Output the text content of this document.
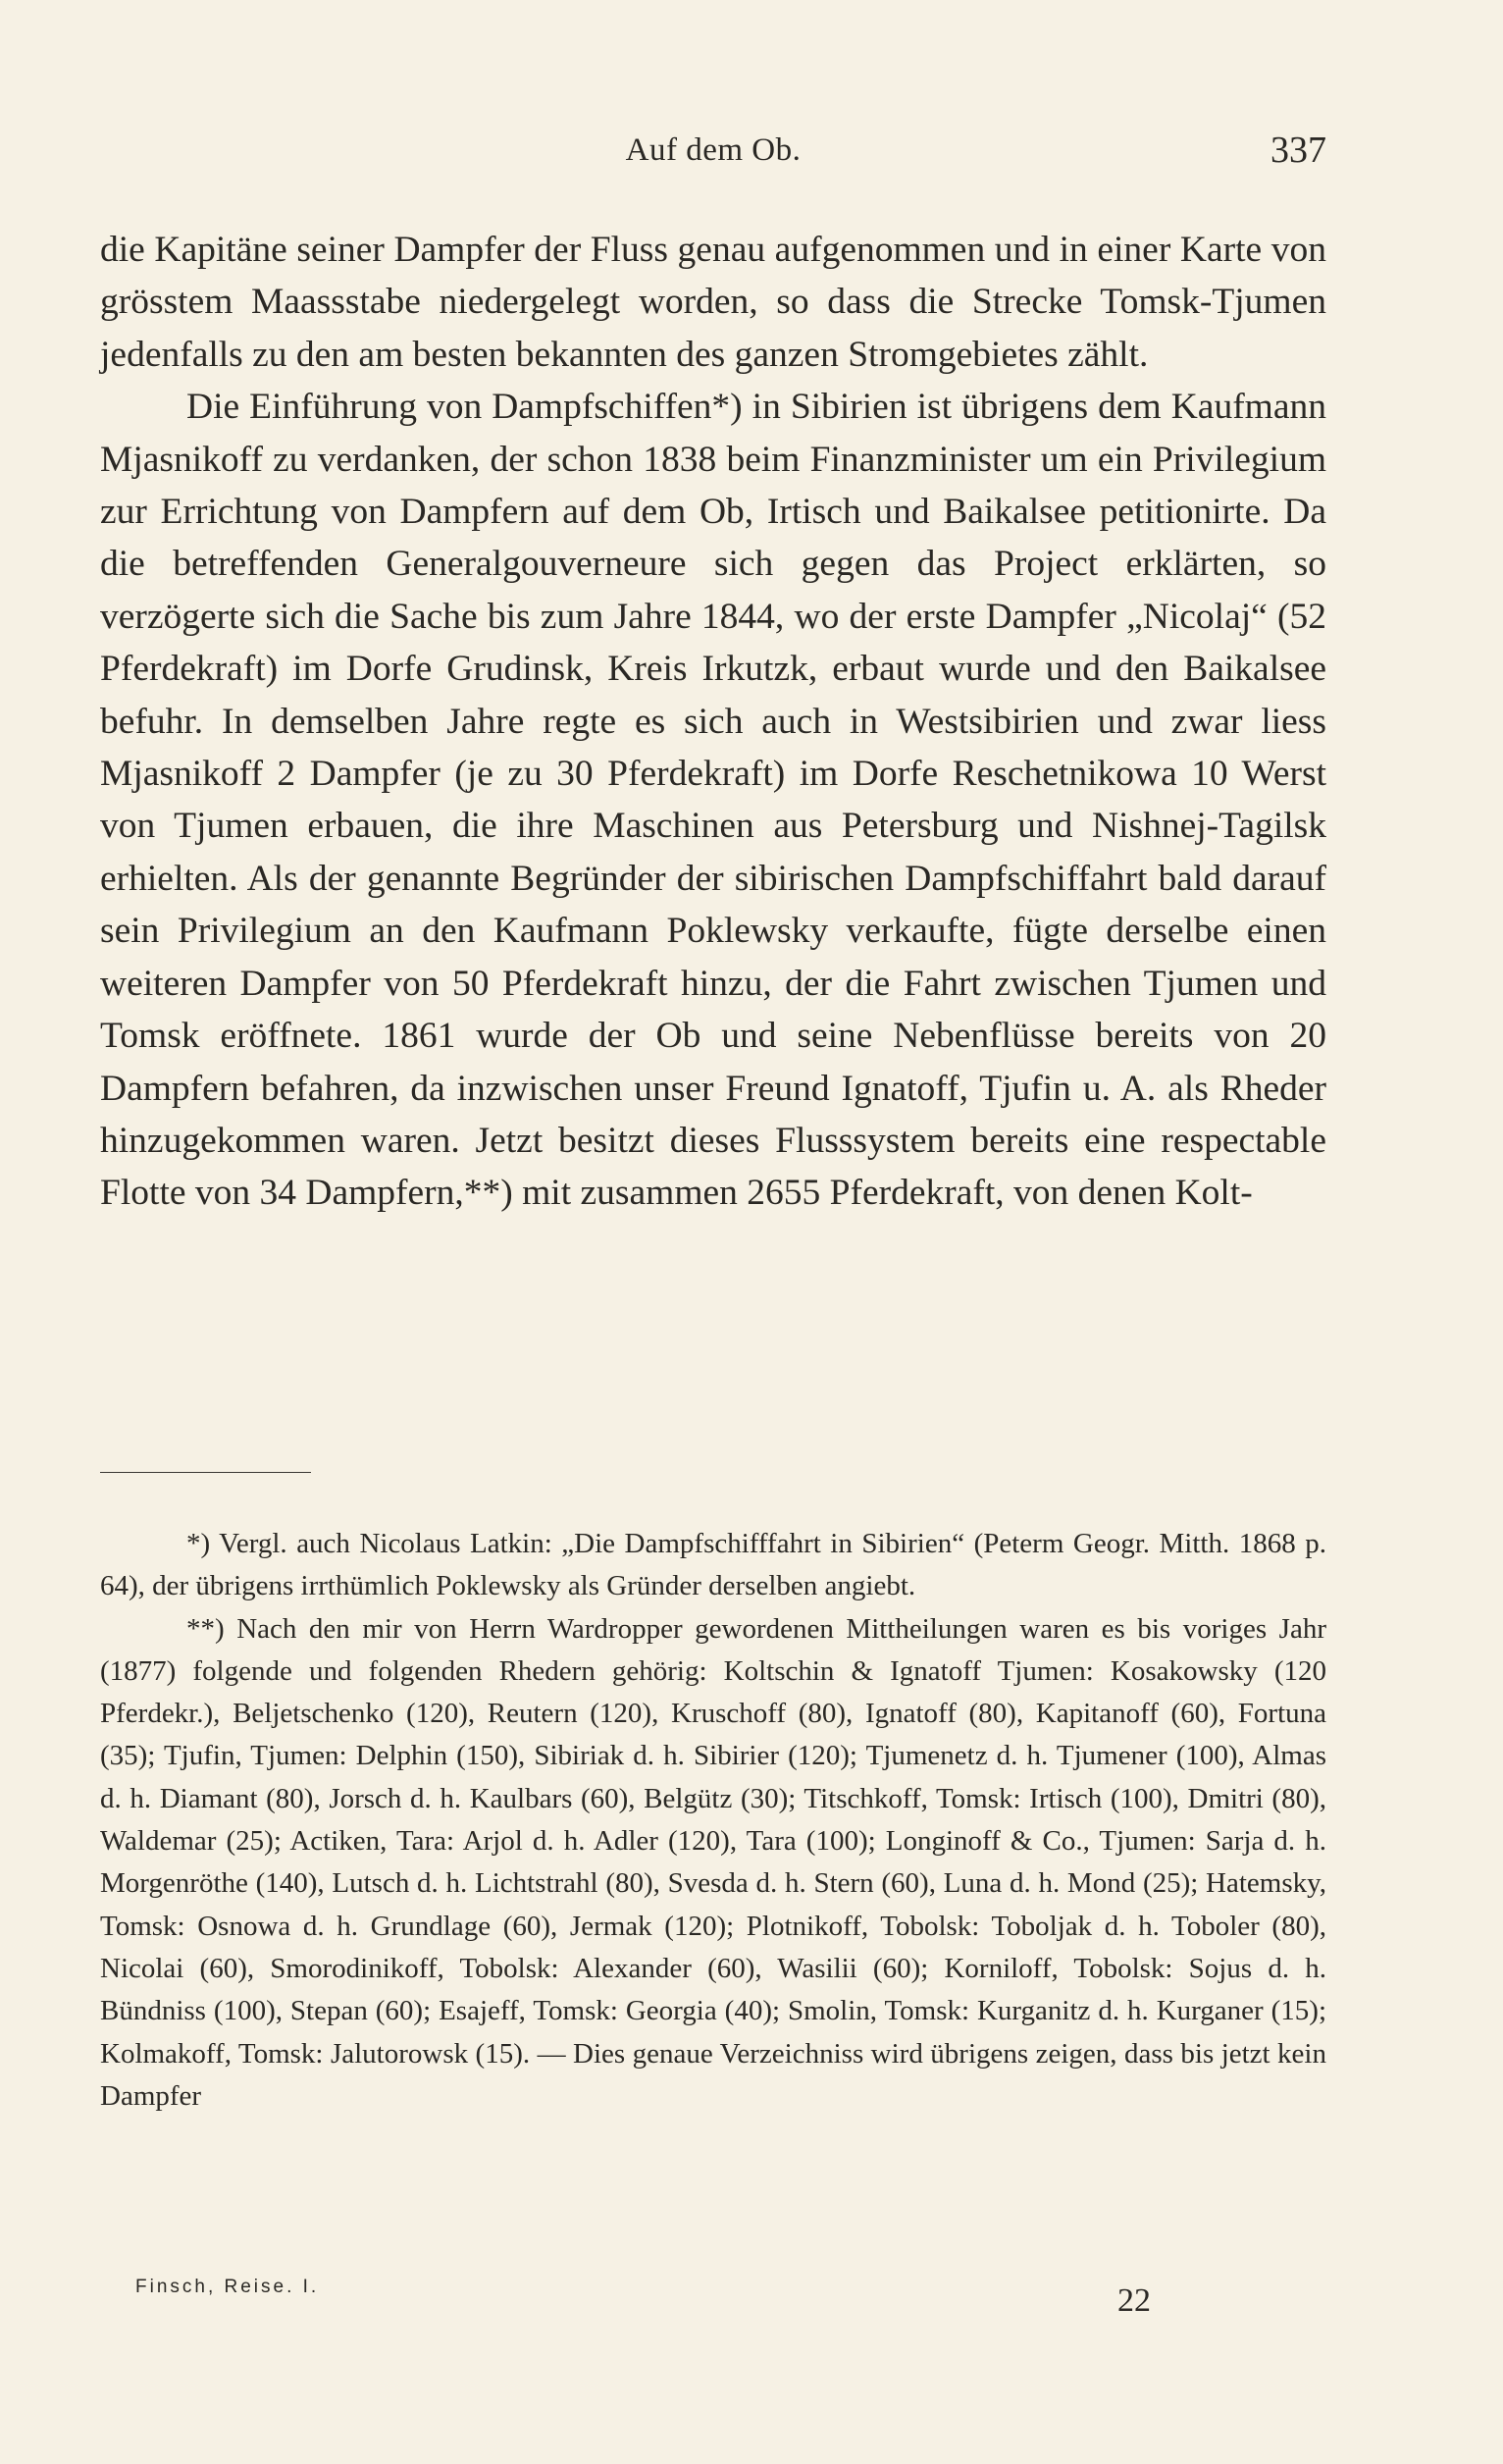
Auf dem Ob.	337

die Kapitäne seiner Dampfer der Fluss genau aufgenommen und in einer Karte von grösstem Maassstabe niedergelegt worden, so dass die Strecke Tomsk-Tjumen jedenfalls zu den am besten bekannten des ganzen Stromgebietes zählt.

Die Einführung von Dampfschiffen*) in Sibirien ist übrigens dem Kaufmann Mjasnikoff zu verdanken, der schon 1838 beim Finanzminister um ein Privilegium zur Errichtung von Dampfern auf dem Ob, Irtisch und Baikalsee petitionirte. Da die betreffenden Generalgouverneure sich gegen das Project erklärten, so verzögerte sich die Sache bis zum Jahre 1844, wo der erste Dampfer „Nicolaj“ (52 Pferdekraft) im Dorfe Grudinsk, Kreis Irkutzk, erbaut wurde und den Baikalsee befuhr. In demselben Jahre regte es sich auch in Westsibirien und zwar liess Mjasnikoff 2 Dampfer (je zu 30 Pferdekraft) im Dorfe Reschetnikowa 10 Werst von Tjumen erbauen, die ihre Maschinen aus Petersburg und Nishnej-Tagilsk erhielten. Als der genannte Begründer der sibirischen Dampfschiffahrt bald darauf sein Privilegium an den Kaufmann Poklewsky verkaufte, fügte derselbe einen weiteren Dampfer von 50 Pferdekraft hinzu, der die Fahrt zwischen Tjumen und Tomsk eröffnete. 1861 wurde der Ob und seine Nebenflüsse bereits von 20 Dampfern befahren, da inzwischen unser Freund Ignatoff, Tjufin u. A. als Rheder hinzugekommen waren. Jetzt besitzt dieses Flusssystem bereits eine respectable Flotte von 34 Dampfern,**) mit zusammen 2655 Pferdekraft, von denen Kolt-

*) Vergl. auch Nicolaus Latkin: „Die Dampfschifffahrt in Sibirien“ (Peterm Geogr. Mitth. 1868 p. 64), der übrigens irrthümlich Poklewsky als Gründer derselben angiebt.

**) Nach den mir von Herrn Wardropper gewordenen Mittheilungen waren es bis voriges Jahr (1877) folgende und folgenden Rhedern gehörig: Koltschin & Ignatoff Tjumen: Kosakowsky (120 Pferdekr.), Beljetschenko (120), Reutern (120), Kruschoff (80), Ignatoff (80), Kapitanoff (60), Fortuna (35); Tjufin, Tjumen: Delphin (150), Sibiriak d. h. Sibirier (120); Tjumenetz d. h. Tjumener (100), Almas d. h. Diamant (80), Jorsch d. h. Kaulbars (60), Belgütz (30); Titschkoff, Tomsk: Irtisch (100), Dmitri (80), Waldemar (25); Actiken, Tara: Arjol d. h. Adler (120), Tara (100); Longinoff & Co., Tjumen: Sarja d. h. Morgenröthe (140), Lutsch d. h. Lichtstrahl (80), Svesda d. h. Stern (60), Luna d. h. Mond (25); Hatemsky, Tomsk: Osnowa d. h. Grundlage (60), Jermak (120); Plotnikoff, Tobolsk: Toboljak d. h. Toboler (80), Nicolai (60), Smorodinikoff, Tobolsk: Alexander (60), Wasilii (60); Korniloff, Tobolsk: Sojus d. h. Bündniss (100), Stepan (60); Esajeff, Tomsk: Georgia (40); Smolin, Tomsk: Kurganitz d. h. Kurganer (15); Kolmakoff, Tomsk: Jalutorowsk (15). — Dies genaue Verzeichniss wird übrigens zeigen, dass bis jetzt kein Dampfer

Finsch, Reise. I.	22
